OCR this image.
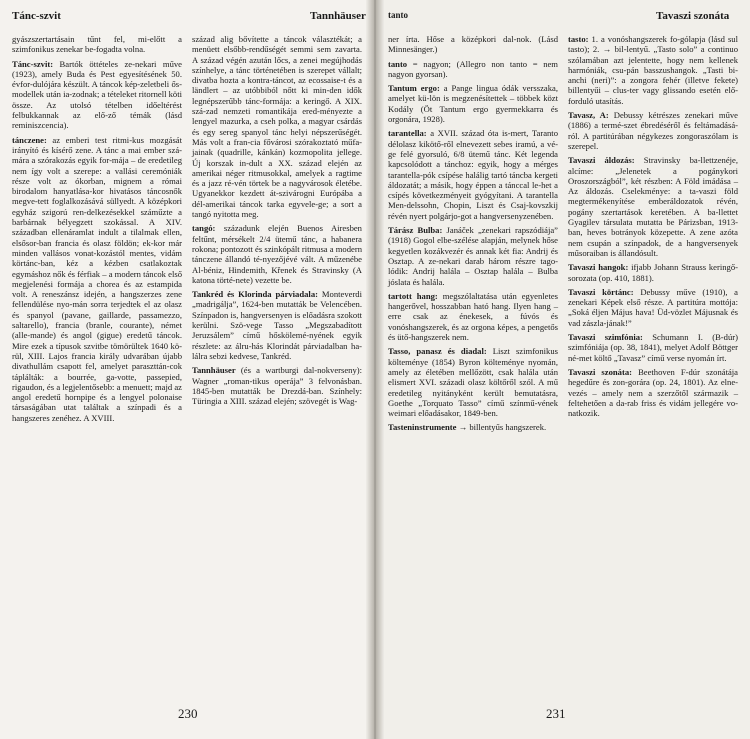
Tánc-szvit	Tannhäuser

gyászszertartásain tűnt fel, mi-előtt a szimfonikus zenekar be-fogadta volna.

Tánc-szvit: Bartók öttételes ze-nekari műve (1923), amely Buda és Pest egyesítésének 50. évfor-dulójára készült. A táncok kép-zeletbeli ős-modellek után ia-zodnak; a tételeket ritornell köti össze. Az utolsó tételben időeltérést felbukkannak az elő-ző témák (lásd reminiszcencia).

tánczene: az emberi test ritmi-kus mozgását irányító és kísérő zene. A tánc a mai ember szá-mára a szórakozás egyik for-mája – de eredetileg nem így volt a szerepe: a vallási ceremóniák része volt az ókorban, mignem a római birodalom hanyatlása-kor hivatásos táncosnők megve-tett foglalkozásává süllyedt. A középkori egyház szigorú ren-delkezésekkel száműzte a barbárnak bélyegzett szokással. A XIV. században ellenáramlat indult a tilalmak ellen, elsősor-ban francia és olasz földön; ek-kor már minden vallásos vonat-kozástól mentes, vidám körtánc-ban, kéz a kézben csatlakoztak egymáshoz nők és férfiak – a modern táncok első megjelenési formája a chorea és az estampida volt. A reneszánsz idején, a hangszerzes zene fellendülése nyo-mán sorra terjedtek el az olasz és spanyol (pavane, gaillarde, passamezzo, saltarello), francia (branle, courante), német (alle-mande) és angol (gigue) eredetű táncok. Mire ezek a típusok szvitbe tömörültek 1640 kö-rül, XIII. Lajos francia király udvarában újabb divathullám csapott fel, amelyet paraszttán-cok táplálták: a bourrée, ga-votte, passepied, rigaudon, és a legjelentősebb: a menuett; majd az angol eredetű hornpipe és a lengyel polonaise társaságában utat találtak a színpadi és a hangszeres zenéhez. A XVIII.

század alig bővítette a táncok választékát; a menüett elsőbb-rendűségét semmi sem zavarta. A század végén azután lőcs, a zenei megújhodás színhelye, a tánc történetében is szerepet vállalt; divatba hozta a kontra-táncot, az ecossaise-t és a ländlert – az utóbbiból nőtt ki min-den idők legnépszerűbb tánc-formája: a keringő. A XIX. szá-zad nemzeti romantikája ered-ményezte a lengyel mazurka, a cseh polka, a magyar csárdás és egy sereg spanyol tánc helyi népszerűségét. Más volt a fran-cia fővárosi szórakoztató műfa-jainak (quadrille, kánkán) kozmopolita jellege. Új korszak in-dult a XX. század elején az amerikai néger ritmusokkal, amelyek a ragtime és a jazz ré-vén törtek be a nagyvárosok életébe. Ugyanekkor kezdett át-szivárogni Európába a dél-amerikai táncok tarka egyvele-ge; a sort a tangó nyitotta meg.

tangó: századunk elején Buenos Airesben feltűnt, mérsékelt 2/4 ütemű tánc, a habanera rokona; pontozott és szinkópált ritmusa a modern tánczene állandó té-nyezőjévé vált. A műzenébe Al-béniz, Hindemith, Křenek és Stravinsky (A katona törté-nete) vezette be.

Tankréd és Klorinda párviadala: Monteverdi „madrigálja”, 1624-ben mutatták be Velencében. Színpadon is, hangversenyen is előadásra szokott kerülni. Szö-vege Tasso „Megszabadított Jeruzsálem” című hőskölemé-nyének egyik részlete: az álru-hás Klorindát párviadalban ha-lálra sebzi kedvese, Tankréd.

Tannhäuser (és a wartburgi dal-nokverseny): Wagner „roman-tikus operája” 3 felvonásban. 1845-ben mutatták be Drezdá-ban. Színhely: Türingia a XIII. század elején; szövegét is Wag-

230
tanto	Tavaszi szonáta

ner írta. Hőse a középkori dal-nok. (Lásd Minnesänger.)

tanto = nagyon; (Allegro non tanto = nem nagyon gyorsan).

Tantum ergo: a Pange lingua ódák versszaka, amelyet kü-lön is megzenésítettek – többek közt Kodály (Öt Tantum ergo gyermekkarra és orgonára, 1928).

tarantella: a XVII. század óta is-mert, Taranto délolasz kikötő-ről elnevezett sebes iramú, a vé-ge felé gyorsuló, 6/8 ütemű tánc. Két legenda kapcsolódott a tánchoz: egyik, hogy a mérges tarantella-pók csípése halálig tartó táncba kergeti áldozatát; a másik, hogy éppen a tánccal le-het a csípés következményeit gyógyítani. A tarantella Men-delssohn, Chopin, Liszt és Csaj-kovszkij révén nyert polgárjo-got a hangversenyzenében.

Tárász Bulba: Janáček „zenekari rapszódiája” (1918) Gogol elbe-szélése alapján, melynek hőse kegyetlen kozákvezér és annak két fia: Andrij és Osztap. A ze-nekari darab három részre tago-lódik: Andrij halála – Osztap halála – Bulba jóslata és halála.

tartott hang: megszólaltatása után egyenletes hangerővel, hosszabban ható hang. Ilyen hang – erre csak az énekesek, a fúvós és vonóshangszerek, és az orgona képes, a pengetős és ütő-hangszerek nem.

Tasso, panasz és diadal: Liszt szimfonikus költeménye (1854) Byron költeménye nyomán, amely az életében mellőzött, csak halála után elismert XVI. századi olasz költőről szól. A mű eredetileg nyitányként került bemutatásra, Goethe „Torquato Tasso” című színmű-vének weimari előadásakor, 1849-ben.

Tasteninstrumente → billentyűs hangszerek.

tasto: 1. a vonóshangszerek fo-gólapja (lásd sul tasto); 2. → bil-lentyű. „Tasto solo” a continuo szólamában azt jelentette, hogy nem kellenek harmóniák, csu-pán basszushangok. „Tasti bi-anchi (neri)”: a zongora fehér (illetve fekete) billentyűi – clus-ter vagy glissando esetén elő-forduló utasítás.

Tavasz, A: Debussy kétrészes zenekari műve (1886) a termé-szet ébredéséről és feltámadásá-ról. A partitúrában négykezes zongoraszólam is szerepel.

Tavaszi áldozás: Stravinsky ba-llettzenéje, alcíme: „Jelenetek a pogánykori Oroszországból”, két részben: A Föld imádása – Az áldozás. Cselekménye: a ta-vaszi föld megtermékenyítése emberáldozatok révén, pogány szertartások keretében. A ba-llettet Gyagilev társulata mutatta be Párizsban, 1913-ban, heves botrányok közepette. A zene azóta nem csupán a színpadok, de a hangversenyek műsoraiban is állandósult.

Tavaszi hangok: ifjabb Johann Strauss keringő-sorozata (op. 410, 1881).

Tavaszi körtánc: Debussy műve (1910), a zenekari Képek első része. A partitúra mottója: „Soká éljen Május hava! Üd-vözlet Májusnak és vad zászla-jának!”

Tavaszi szimfónia: Schumann I. (B-dúr) szimfóniája (op. 38, 1841), melyet Adolf Böttger né-met költő „Tavasz” című verse nyomán írt.

Tavaszi szonáta: Beethoven F-dúr szonátája hegedűre és zon-gorára (op. 24, 1801). Az elne-vezés – amely nem a szerzőtől származik – feltehetően a da-rab friss és vidám jellegére vo-natkozik.

231
